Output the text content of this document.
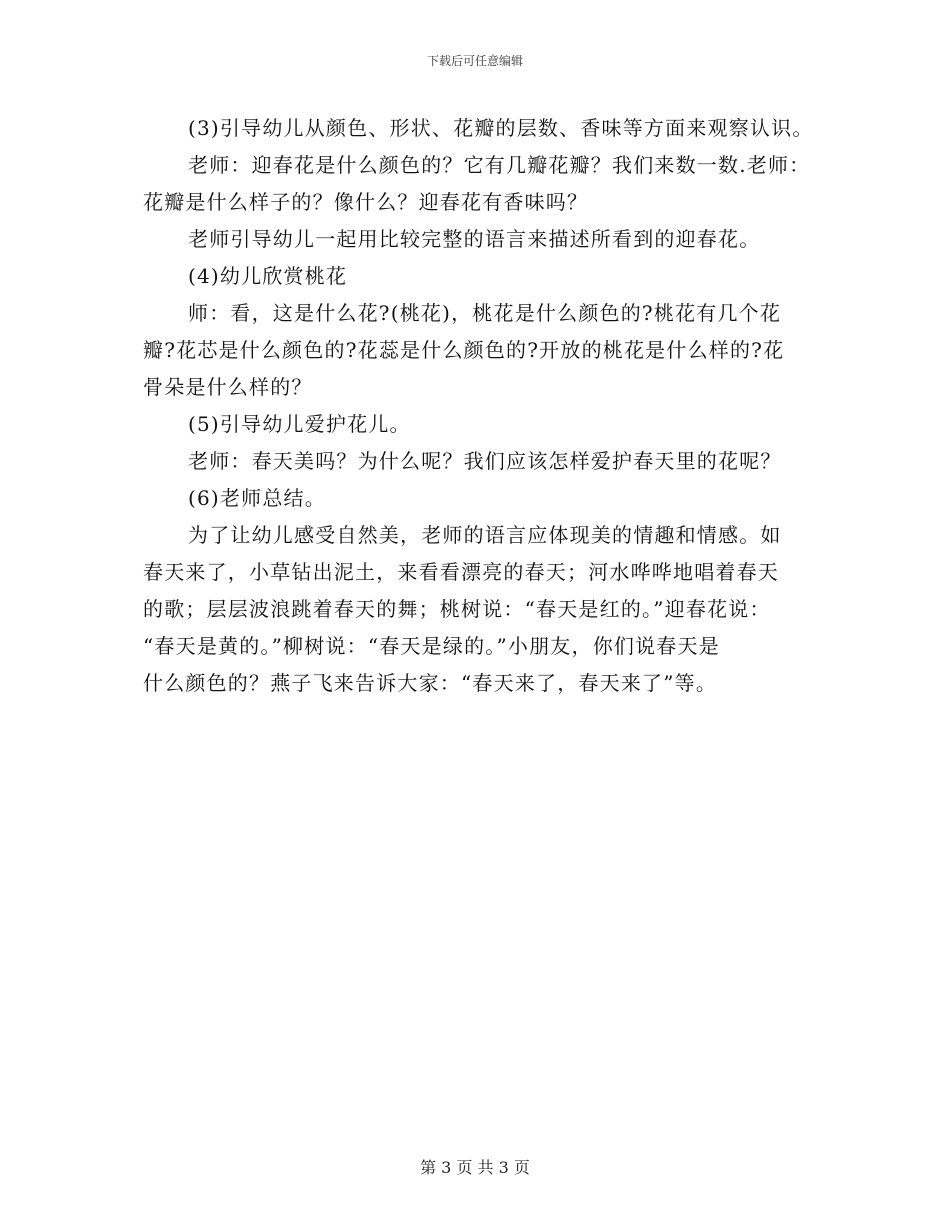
下载后可任意编辑
(3)引导幼儿从颜色、形状、花瓣的层数、香味等方面来观察认识。
老师：迎春花是什么颜色的？它有几瓣花瓣？我们来数一数.老师：
花瓣是什么样子的？像什么？迎春花有香味吗？
老师引导幼儿一起用比较完整的语言来描述所看到的迎春花。
(4)幼儿欣赏桃花
师：看，这是什么花?(桃花)，桃花是什么颜色的?桃花有几个花
瓣?花芯是什么颜色的?花蕊是什么颜色的?开放的桃花是什么样的?花
骨朵是什么样的？
(5)引导幼儿爱护花儿。
老师：春天美吗？为什么呢？我们应该怎样爱护春天里的花呢？
(6)老师总结。
为了让幼儿感受自然美，老师的语言应体现美的情趣和情感。如
春天来了，小草钻出泥土，来看看漂亮的春天；河水哗哗地唱着春天
的歌；层层波浪跳着春天的舞；桃树说：“春天是红的。”迎春花说：
“春天是黄的。”柳树说：“春天是绿的。”小朋友，你们说春天是
什么颜色的？燕子飞来告诉大家：“春天来了，春天来了”等。
第 3 页 共 3 页
